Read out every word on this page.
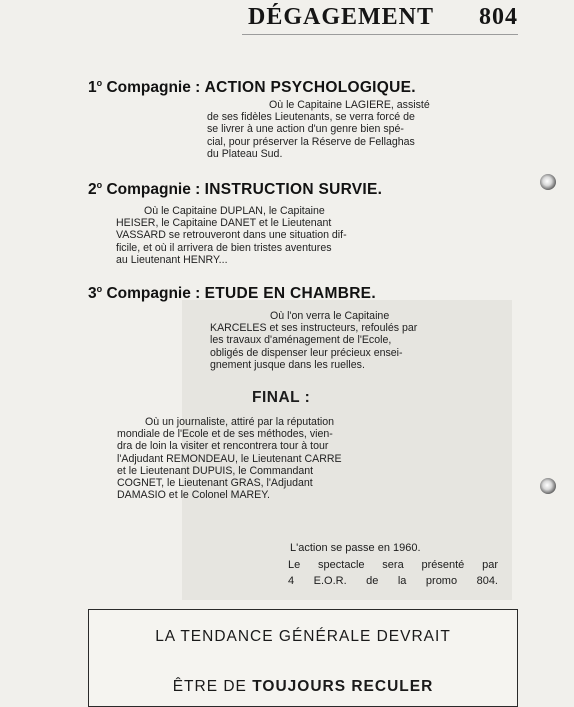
DÉGAGEMENT 804
1$^o$ Compagnie : ACTION PSYCHOLOGIQUE.
Où le Capitaine LAGIERE, assisté
de ses fidèles Lieutenants, se verra forcé de
se livrer à une action d'un genre bien spé-
cial, pour préserver la Réserve de Fellaghas
du Plateau Sud.
2$^o$ Compagnie : INSTRUCTION SURVIE.
Où le Capitaine DUPLAN, le Capitaine
HEISER, le Capitaine DANET et le Lieutenant
VASSARD se retrouveront dans une situation dif-
ficile, et où il arrivera de bien tristes aventures
au Lieutenant HENRY...
3$^o$ Compagnie : ETUDE EN CHAMBRE.
Où l'on verra le Capitaine
KARCELES et ses instructeurs, refoulés par
les travaux d'aménagement de l'Ecole,
obligés de dispenser leur précieux ensei-
gnement jusque dans les ruelles.
FINAL :
Où un journaliste, attiré par la réputation
mondiale de l'Ecole et de ses méthodes, vien-
dra de loin la visiter et rencontrera tour à tour
l'Adjudant REMONDEAU, le Lieutenant CARRE
et le Lieutenant DUPUIS, le Commandant
COGNET, le Lieutenant GRAS, l'Adjudant
DAMASIO et le Colonel MAREY.
L'action se passe en 1960.
Le spectacle sera présenté par
4 E.O.R. de la promo 804.
LA TENDANCE GÉNÉRALE DEVRAIT
ÊTRE DE TOUJOURS RECULER
